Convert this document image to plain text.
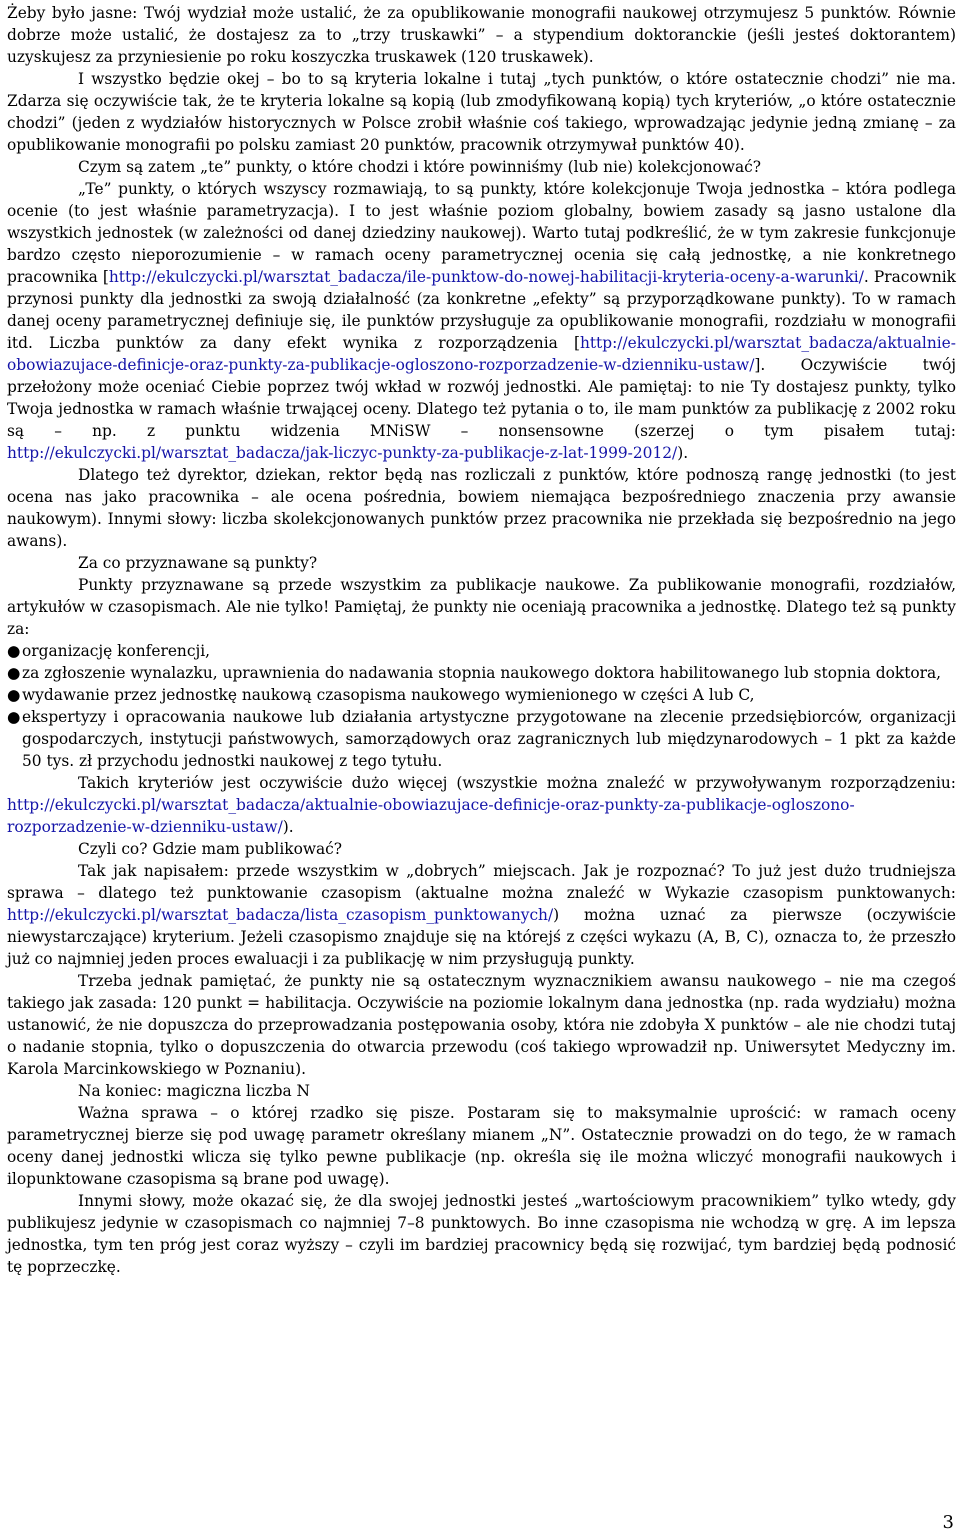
Żeby było jasne: Twój wydział może ustalić, że za opublikowanie monografii naukowej otrzymujesz 5 punktów. Równie dobrze może ustalić, że dostajesz za to „trzy truskawki” – a stypendium doktoranckie (jeśli jesteś doktorantem) uzyskujesz za przyniesienie po roku koszyczka truskawek (120 truskawek).

I wszystko będzie okej – bo to są kryteria lokalne i tutaj „tych punktów, o które ostatecznie chodzi” nie ma. Zdarza się oczywiście tak, że te kryteria lokalne są kopią (lub zmodyfikowaną kopią) tych kryteriów, „o które ostatecznie chodzi” (jeden z wydziałów historycznych w Polsce zrobił właśnie coś takiego, wprowadzając jedynie jedną zmianę – za opublikowanie monografii po polsku zamiast 20 punktów, pracownik otrzymywał punktów 40).

Czym są zatem „te” punkty, o które chodzi i które powinniśmy (lub nie) kolekcjonować?

„Te” punkty, o których wszyscy rozmawiają, to są punkty, które kolekcjonuje Twoja jednostka – która podlega ocenie (to jest właśnie parametryzacja). I to jest właśnie poziom globalny, bowiem zasady są jasno ustalone dla wszystkich jednostek (w zależności od danej dziedziny naukowej). Warto tutaj podkreślić, że w tym zakresie funkcjonuje bardzo często nieporozumienie – w ramach oceny parametrycznej ocenia się całą jednostkę, a nie konkretnego pracownika [http://ekulczycki.pl/warsztat_badacza/ile-punktow-do-nowej-habilitacji-kryteria-oceny-a-warunki/. Pracownik przynosi punkty dla jednostki za swoją działalność (za konkretne „efekty” są przyporządkowane punkty). To w ramach danej oceny parametrycznej definiuje się, ile punktów przysługuje za opublikowanie monografii, rozdziału w monografii itd. Liczba punktów za dany efekt wynika z rozporządzenia [http://ekulczycki.pl/warsztat_badacza/aktualnie-obowiazujace-definicje-oraz-punkty-za-publikacje-ogloszono-rozporzadzenie-w-dzienniku-ustaw/]. Oczywiście twój przełożony może oceniać Ciebie poprzez twój wkład w rozwój jednostki. Ale pamiętaj: to nie Ty dostajesz punkty, tylko Twoja jednostka w ramach właśnie trwającej oceny. Dlatego też pytania o to, ile mam punktów za publikację z 2002 roku są – np. z punktu widzenia MNiSW – nonsensowne (szerzej o tym pisałem tutaj: http://ekulczycki.pl/warsztat_badacza/jak-liczyc-punkty-za-publikacje-z-lat-1999-2012/).

Dlatego też dyrektor, dziekan, rektor będą nas rozliczali z punktów, które podnoszą rangę jednostki (to jest ocena nas jako pracownika – ale ocena pośrednia, bowiem niemająca bezpośredniego znaczenia przy awansie naukowym). Innymi słowy: liczba skolekcjonowanych punktów przez pracownika nie przekłada się bezpośrednio na jego awans).

Za co przyznawane są punkty?

Punkty przyznawane są przede wszystkim za publikacje naukowe. Za publikowanie monografii, rozdziałów, artykułów w czasopismach. Ale nie tylko! Pamiętaj, że punkty nie oceniają pracownika a jednostkę. Dlatego też są punkty za:

● organizację konferencji,
● za zgłoszenie wynalazku, uprawnienia do nadawania stopnia naukowego doktora habilitowanego lub stopnia doktora,
● wydawanie przez jednostkę naukową czasopisma naukowego wymienionego w części A lub C,
● ekspertyzy i opracowania naukowe lub działania artystyczne przygotowane na zlecenie przedsiębiorców, organizacji gospodarczych, instytucji państwowych, samorządowych oraz zagranicznych lub międzynarodowych – 1 pkt za każde 50 tys. zł przychodu jednostki naukowej z tego tytułu.

Takich kryteriów jest oczywiście dużo więcej (wszystkie można znaleźć w przywoływanym rozporządzeniu: http://ekulczycki.pl/warsztat_badacza/aktualnie-obowiazujace-definicje-oraz-punkty-za-publikacje-ogloszono-rozporzadzenie-w-dzienniku-ustaw/).

Czyli co? Gdzie mam publikować?

Tak jak napisałem: przede wszystkim w „dobrych” miejscach. Jak je rozpoznać? To już jest dużo trudniejsza sprawa – dlatego też punktowanie czasopism (aktualne można znaleźć w Wykazie czasopism punktowanych: http://ekulczycki.pl/warsztat_badacza/lista_czasopism_punktowanych/) można uznać za pierwsze (oczywiście niewystarczające) kryterium. Jeżeli czasopismo znajduje się na którejś z części wykazu (A, B, C), oznacza to, że przeszło już co najmniej jeden proces ewaluacji i za publikację w nim przysługują punkty.

Trzeba jednak pamiętać, że punkty nie są ostatecznym wyznacznikiem awansu naukowego – nie ma czegoś takiego jak zasada: 120 punkt = habilitacja. Oczywiście na poziomie lokalnym dana jednostka (np. rada wydziału) można ustanowić, że nie dopuszcza do przeprowadzania postępowania osoby, która nie zdobyła X punktów – ale nie chodzi tutaj o nadanie stopnia, tylko o dopuszczenia do otwarcia przewodu (coś takiego wprowadził np. Uniwersytet Medyczny im. Karola Marcinkowskiego w Poznaniu).

Na koniec: magiczna liczba N

Ważna sprawa – o której rzadko się pisze. Postaram się to maksymalnie uprościć: w ramach oceny parametrycznej bierze się pod uwagę parametr określany mianem „N”. Ostatecznie prowadzi on do tego, że w ramach oceny danej jednostki wlicza się tylko pewne publikacje (np. określa się ile można wliczyć monografii naukowych i ilopunktowane czasopisma są brane pod uwagę).

Innymi słowy, może okazać się, że dla swojej jednostki jesteś „wartościowym pracownikiem” tylko wtedy, gdy publikujesz jedynie w czasopismach co najmniej 7–8 punktowych. Bo inne czasopisma nie wchodzą w grę. A im lepsza jednostka, tym ten próg jest coraz wyższy – czyli im bardziej pracownicy będą się rozwijać, tym bardziej będą podnosić tę poprzeczkę.

3
